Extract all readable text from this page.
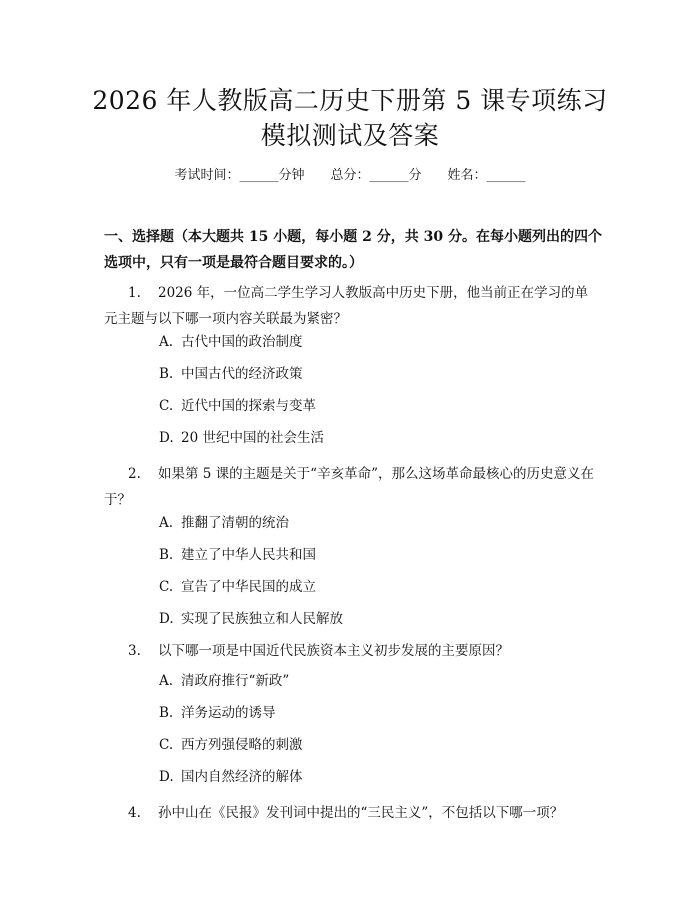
2026 年人教版高二历史下册第 5 课专项练习
模拟测试及答案
考试时间：______分钟 总分：______分 姓名：______
一、选择题（本大题共 15 小题，每小题 2 分，共 30 分。在每小题列出的四个选项中，只有一项是最符合题目要求的。）
1. 2026 年，一位高二学生学习人教版高中历史下册，他当前正在学习的单元主题与以下哪一项内容关联最为紧密？
A. 古代中国的政治制度
B. 中国古代的经济政策
C. 近代中国的探索与变革
D. 20 世纪中国的社会生活
2. 如果第 5 课的主题是关于“辛亥革命”，那么这场革命最核心的历史意义在于？
A. 推翻了清朝的统治
B. 建立了中华人民共和国
C. 宣告了中华民国的成立
D. 实现了民族独立和人民解放
3. 以下哪一项是中国近代民族资本主义初步发展的主要原因？
A. 清政府推行“新政”
B. 洋务运动的诱导
C. 西方列强侵略的刺激
D. 国内自然经济的解体
4. 孙中山在《民报》发刊词中提出的“三民主义”，不包括以下哪一项？
